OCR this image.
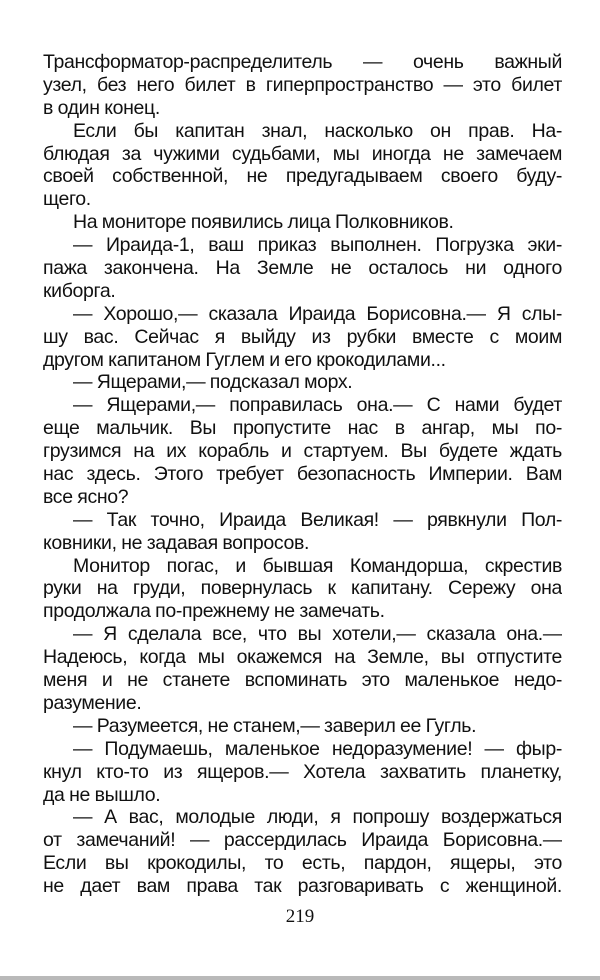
Трансформатор-распределитель — очень важный
узел, без него билет в гиперпространство — это билет
в один конец.
Если бы капитан знал, насколько он прав. На-
блюдая за чужими судьбами, мы иногда не замечаем
своей собственной, не предугадываем своего буду-
щего.
На мониторе появились лица Полковников.
— Ираида-1, ваш приказ выполнен. Погрузка эки-
пажа закончена. На Земле не осталось ни одного
киборга.
— Хорошо,— сказала Ираида Борисовна.— Я слы-
шу вас. Сейчас я выйду из рубки вместе с моим
другом капитаном Гуглем и его крокодилами...
— Ящерами,— подсказал морх.
— Ящерами,— поправилась она.— С нами будет
еще мальчик. Вы пропустите нас в ангар, мы по-
грузимся на их корабль и стартуем. Вы будете ждать
нас здесь. Этого требует безопасность Империи. Вам
все ясно?
— Так точно, Ираида Великая! — рявкнули Пол-
ковники, не задавая вопросов.
Монитор погас, и бывшая Командорша, скрестив
руки на груди, повернулась к капитану. Сережу она
продолжала по-прежнему не замечать.
— Я сделала все, что вы хотели,— сказала она.—
Надеюсь, когда мы окажемся на Земле, вы отпустите
меня и не станете вспоминать это маленькое недо-
разумение.
— Разумеется, не станем,— заверил ее Гугль.
— Подумаешь, маленькое недоразумение! — фыр-
кнул кто-то из ящеров.— Хотела захватить планетку,
да не вышло.
— А вас, молодые люди, я попрошу воздержаться
от замечаний! — рассердилась Ираида Борисовна.—
Если вы крокодилы, то есть, пардон, ящеры, это
не дает вам права так разговаривать с женщиной.
219
